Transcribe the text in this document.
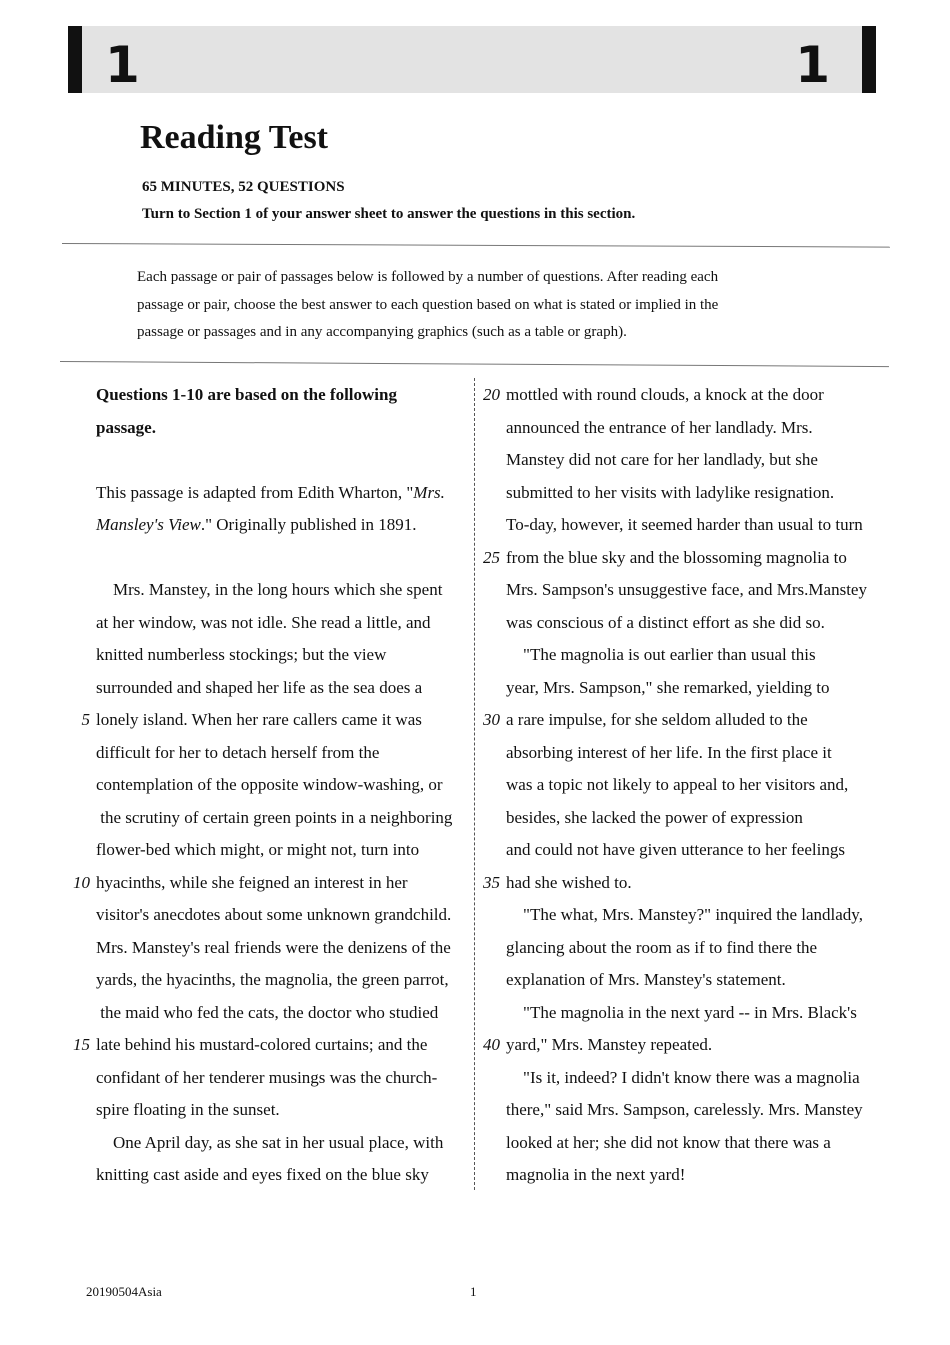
1	1
Reading Test
65 MINUTES, 52 QUESTIONS
Turn to Section 1 of your answer sheet to answer the questions in this section.
Each passage or pair of passages below is followed by a number of questions. After reading each
passage or pair, choose the best answer to each question based on what is stated or implied in the
passage or passages and in any accompanying graphics (such as a table or graph).
Questions 1-10 are based on the following
passage.
This passage is adapted from Edith Wharton, "Mrs.
Mansley's View." Originally published in 1891.
Mrs. Manstey, in the long hours which she spent
at her window, was not idle. She read a little, and
knitted numberless stockings; but the view
surrounded and shaped her life as the sea does a
5 lonely island. When her rare callers came it was
difficult for her to detach herself from the
contemplation of the opposite window-washing, or
the scrutiny of certain green points in a neighboring
flower-bed which might, or might not, turn into
10 hyacinths, while she feigned an interest in her
visitor's anecdotes about some unknown grandchild.
Mrs. Manstey's real friends were the denizens of the
yards, the hyacinths, the magnolia, the green parrot,
the maid who fed the cats, the doctor who studied
15 late behind his mustard-colored curtains; and the
confidant of her tenderer musings was the church-
spire floating in the sunset.
One April day, as she sat in her usual place, with
knitting cast aside and eyes fixed on the blue sky
20 mottled with round clouds, a knock at the door
announced the entrance of her landlady. Mrs.
Manstey did not care for her landlady, but she
submitted to her visits with ladylike resignation.
To-day, however, it seemed harder than usual to turn
25 from the blue sky and the blossoming magnolia to
Mrs. Sampson's unsuggestive face, and Mrs.Manstey
was conscious of a distinct effort as she did so.
"The magnolia is out earlier than usual this
year, Mrs. Sampson," she remarked, yielding to
30 a rare impulse, for she seldom alluded to the
absorbing interest of her life. In the first place it
was a topic not likely to appeal to her visitors and,
besides, she lacked the power of expression
and could not have given utterance to her feelings
35 had she wished to.
"The what, Mrs. Manstey?" inquired the landlady,
glancing about the room as if to find there the
explanation of Mrs. Manstey's statement.
"The magnolia in the next yard -- in Mrs. Black's
40 yard," Mrs. Manstey repeated.
"Is it, indeed? I didn't know there was a magnolia
there," said Mrs. Sampson, carelessly. Mrs. Manstey
looked at her; she did not know that there was a
magnolia in the next yard!
20190504Asia	1
